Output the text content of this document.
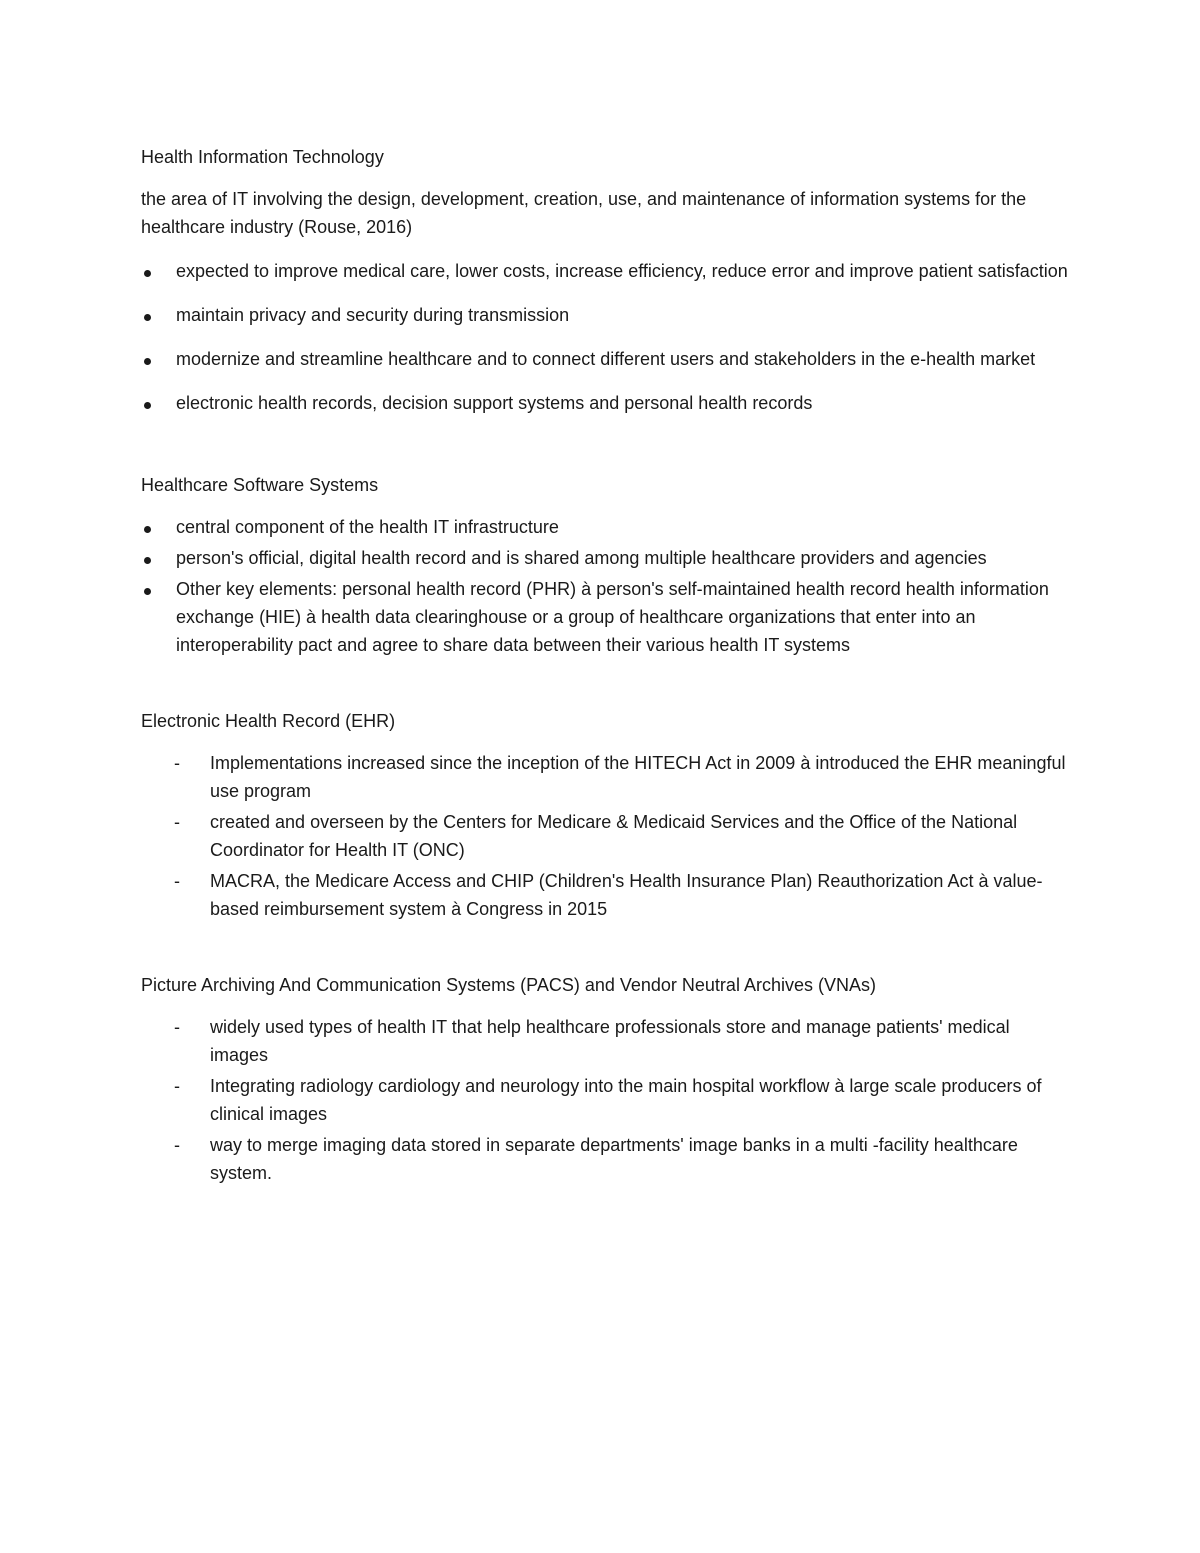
Health Information Technology
the area of IT involving the design, development, creation, use, and maintenance of information systems for the healthcare industry (Rouse, 2016)
expected to improve medical care, lower costs, increase efficiency, reduce error and improve patient satisfaction
maintain privacy and security during transmission
modernize and streamline healthcare and to connect different users and stakeholders in the e-health market
electronic health records, decision support systems and personal health records
Healthcare Software Systems
central component of the health IT infrastructure
person's official, digital health record and is shared among multiple healthcare providers and agencies
Other key elements: personal health record (PHR) à person's self-maintained health record health information exchange (HIE) à health data clearinghouse or a group of healthcare organizations that enter into an interoperability pact and agree to share data between their various health IT systems
Electronic Health Record (EHR)
-	Implementations increased since the inception of the HITECH Act in 2009 à introduced the EHR meaningful use program
-	created and overseen by the Centers for Medicare & Medicaid Services and the Office of the National Coordinator for Health IT (ONC)
-	MACRA, the Medicare Access and CHIP (Children's Health Insurance Plan) Reauthorization Act à value-based reimbursement system à Congress in 2015
Picture Archiving And Communication Systems (PACS) and Vendor Neutral Archives (VNAs)
-	widely used types of health IT that help healthcare professionals store and manage patients' medical images
-	Integrating radiology cardiology and neurology into the main hospital workflow à large scale producers of clinical images
-	way to merge imaging data stored in separate departments' image banks in a multi -facility healthcare system.
